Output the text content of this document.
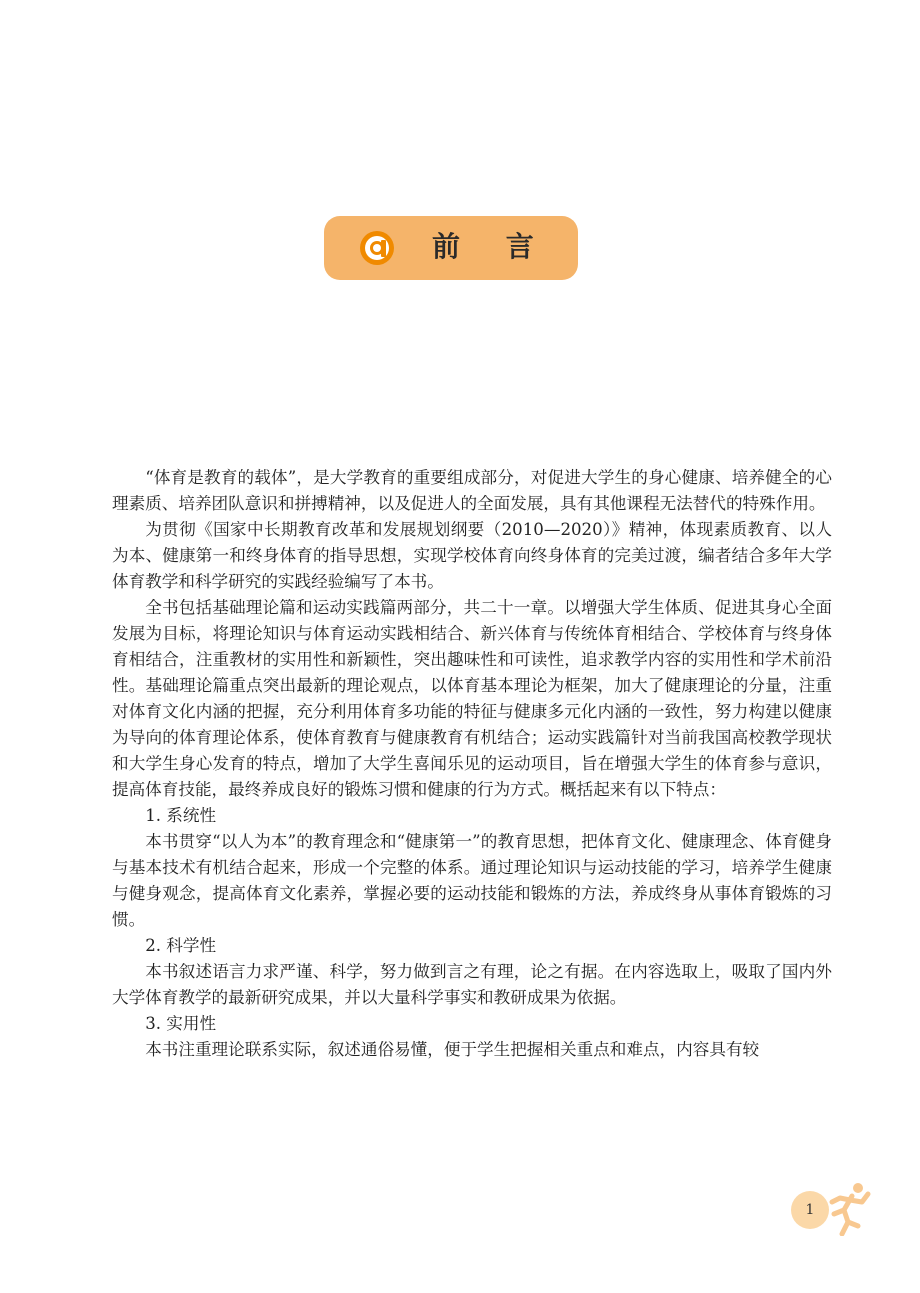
前 言

“体育是教育的载体”，是大学教育的重要组成部分，对促进大学生的身心健康、培养健全的心理素质、培养团队意识和拼搏精神，以及促进人的全面发展，具有其他课程无法替代的特殊作用。

为贯彻《国家中长期教育改革和发展规划纲要（2010—2020）》精神，体现素质教育、以人为本、健康第一和终身体育的指导思想，实现学校体育向终身体育的完美过渡，编者结合多年大学体育教学和科学研究的实践经验编写了本书。

全书包括基础理论篇和运动实践篇两部分，共二十一章。以增强大学生体质、促进其身心全面发展为目标，将理论知识与体育运动实践相结合、新兴体育与传统体育相结合、学校体育与终身体育相结合，注重教材的实用性和新颖性，突出趣味性和可读性，追求教学内容的实用性和学术前沿性。基础理论篇重点突出最新的理论观点，以体育基本理论为框架，加大了健康理论的分量，注重对体育文化内涵的把握，充分利用体育多功能的特征与健康多元化内涵的一致性，努力构建以健康为导向的体育理论体系，使体育教育与健康教育有机结合；运动实践篇针对当前我国高校教学现状和大学生身心发育的特点，增加了大学生喜闻乐见的运动项目，旨在增强大学生的体育参与意识，提高体育技能，最终养成良好的锻炼习惯和健康的行为方式。概括起来有以下特点：

1. 系统性

本书贯穿“以人为本”的教育理念和“健康第一”的教育思想，把体育文化、健康理念、体育健身与基本技术有机结合起来，形成一个完整的体系。通过理论知识与运动技能的学习，培养学生健康与健身观念，提高体育文化素养，掌握必要的运动技能和锻炼的方法，养成终身从事体育锻炼的习惯。

2. 科学性

本书叙述语言力求严谨、科学，努力做到言之有理，论之有据。在内容选取上，吸取了国内外大学体育教学的最新研究成果，并以大量科学事实和教研成果为依据。

3. 实用性

本书注重理论联系实际，叙述通俗易懂，便于学生把握相关重点和难点，内容具有较

1
